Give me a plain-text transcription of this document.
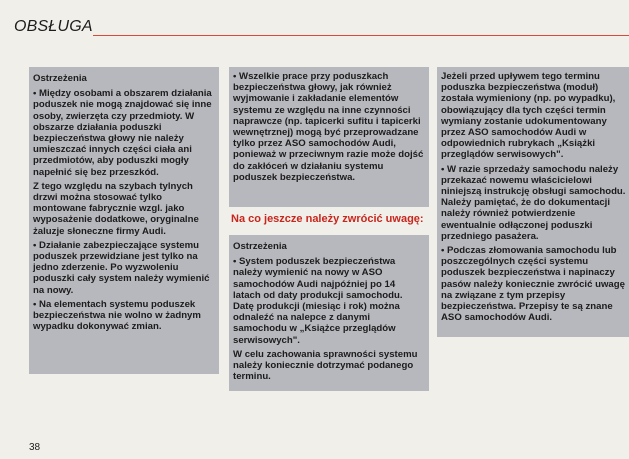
OBSŁUGA
Ostrzeżenia

• Między osobami a obszarem działania poduszek nie mogą znajdować się inne osoby, zwierzęta czy przedmioty. W obszarze działania poduszki bezpieczeństwa głowy nie należy umieszczać innych części ciała ani przedmiotów, aby poduszki mogły napełnić się bez przeszkód.

Z tego względu na szybach tylnych drzwi można stosować tylko montowane fabrycznie wzgl. jako wyposażenie dodatkowe, oryginalne żaluzje słoneczne firmy Audi.

• Działanie zabezpieczające systemu poduszek przewidziane jest tylko na jedno zderzenie. Po wyzwoleniu poduszki cały system należy wymienić na nowy.

• Na elementach systemu poduszek bezpieczeństwa nie wolno w żadnym wypadku dokonywać zmian.

• Wszelkie prace przy poduszkach bezpieczeństwa głowy, jak również wyjmowanie i zakładanie elementów systemu ze względu na inne czynności naprawcze (np. tapicerki sufitu i tapicerki wewnętrznej) mogą być przeprowadzane tylko przez ASO samochodów Audi, ponieważ w przeciwnym razie może dojść do zakłóceń w działaniu systemu poduszek bezpieczeństwa.

Na co jeszcze należy zwrócić uwagę:
Ostrzeżenia

• System poduszek bezpieczeństwa należy wymienić na nowy w ASO samochodów Audi najpóźniej po 14 latach od daty produkcji samochodu. Datę produkcji (miesiąc i rok) można odnaleźć na nalepce z danymi samochodu w „Książce przeglądów serwisowych".

W celu zachowania sprawności systemu należy koniecznie dotrzymać podanego terminu.

Jeżeli przed upływem tego terminu poduszka bezpieczeństwa (moduł) została wymieniony (np. po wypadku), obowiązujący dla tych części termin wymiany zostanie udokumentowany przez ASO samochodów Audi w odpowiednich rubrykach „Książki przeglądów serwisowych".

• W razie sprzedaży samochodu należy przekazać nowemu właścicielowi niniejszą instrukcję obsługi samochodu. Należy pamiętać, że do dokumentacji należy również potwierdzenie ewentualnie odłączonej poduszki przedniego pasażera.

• Podczas złomowania samochodu lub poszczególnych części systemu poduszek bezpieczeństwa i napinaczy pasów należy koniecznie zwrócić uwagę na związane z tym przepisy bezpieczeństwa. Przepisy te są znane ASO samochodów Audi.

38
